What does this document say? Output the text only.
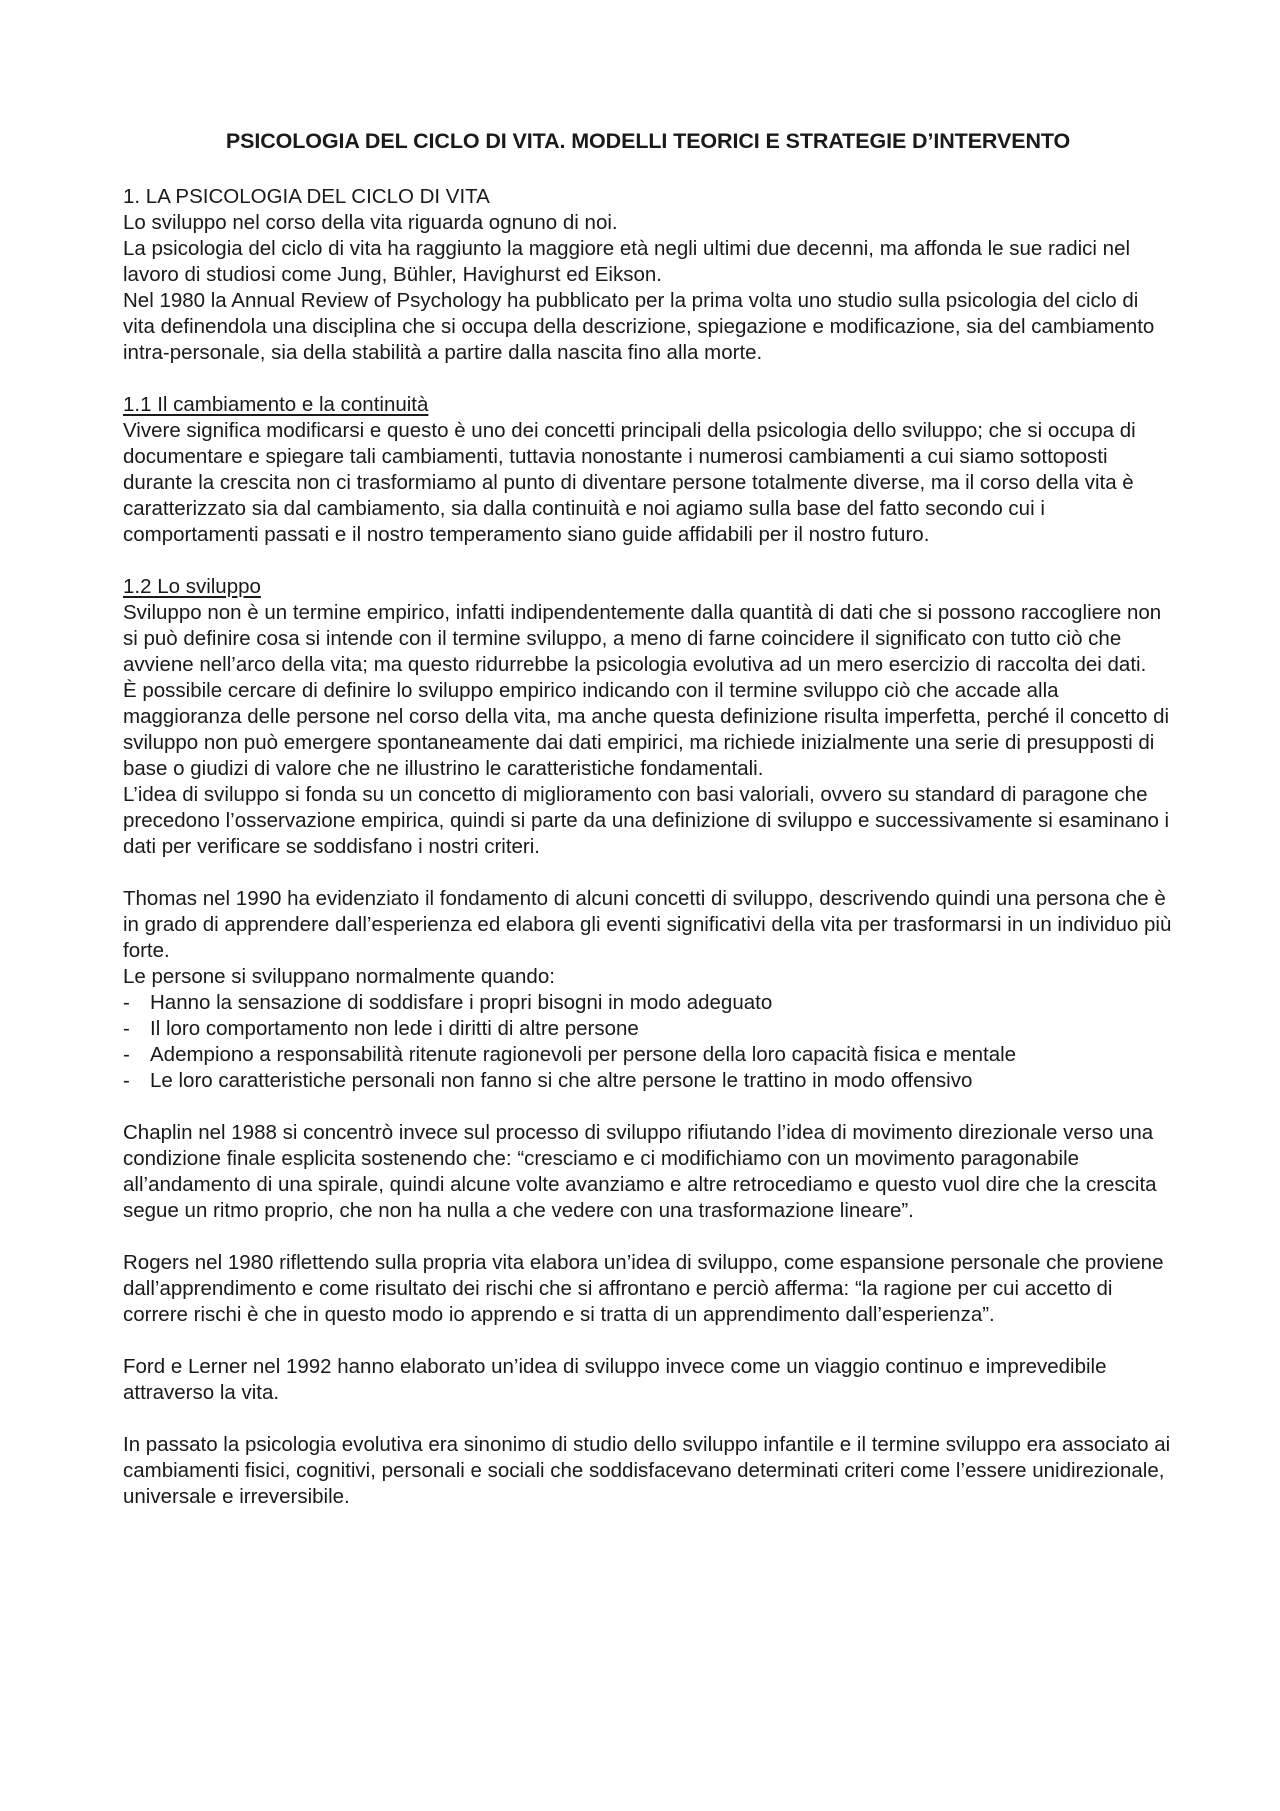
PSICOLOGIA DEL CICLO DI VITA. MODELLI TEORICI E STRATEGIE D’INTERVENTO

1. LA PSICOLOGIA DEL CICLO DI VITA

Lo sviluppo nel corso della vita riguarda ognuno di noi.

La psicologia del ciclo di vita ha raggiunto la maggiore età negli ultimi due decenni, ma affonda le sue radici nel lavoro di studiosi come Jung, Bühler, Havighurst ed Eikson.

Nel 1980 la Annual Review of Psychology ha pubblicato per la prima volta uno studio sulla psicologia del ciclo di vita definendola una disciplina che si occupa della descrizione, spiegazione e modificazione, sia del cambiamento intra-personale, sia della stabilità a partire dalla nascita fino alla morte.

1.1 Il cambiamento e la continuità

Vivere significa modificarsi e questo è uno dei concetti principali della psicologia dello sviluppo; che si occupa di documentare e spiegare tali cambiamenti, tuttavia nonostante i numerosi cambiamenti a cui siamo sottoposti durante la crescita non ci trasformiamo al punto di diventare persone totalmente diverse, ma il corso della vita è caratterizzato sia dal cambiamento, sia dalla continuità e noi agiamo sulla base del fatto secondo cui i comportamenti passati e il nostro temperamento siano guide affidabili per il nostro futuro.

1.2 Lo sviluppo

Sviluppo non è un termine empirico, infatti indipendentemente dalla quantità di dati che si possono raccogliere non si può definire cosa si intende con il termine sviluppo, a meno di farne coincidere il significato con tutto ciò che avviene nell’arco della vita; ma questo ridurrebbe la psicologia evolutiva ad un mero esercizio di raccolta dei dati.

È possibile cercare di definire lo sviluppo empirico indicando con il termine sviluppo ciò che accade alla maggioranza delle persone nel corso della vita, ma anche questa definizione risulta imperfetta, perché il concetto di sviluppo non può emergere spontaneamente dai dati empirici, ma richiede inizialmente una serie di presupposti di base o giudizi di valore che ne illustrino le caratteristiche fondamentali.

L’idea di sviluppo si fonda su un concetto di miglioramento con basi valoriali, ovvero su standard di paragone che precedono l’osservazione empirica, quindi si parte da una definizione di sviluppo e successivamente si esaminano i dati per verificare se soddisfano i nostri criteri.

Thomas nel 1990 ha evidenziato il fondamento di alcuni concetti di sviluppo, descrivendo quindi una persona che è in grado di apprendere dall’esperienza ed elabora gli eventi significativi della vita per trasformarsi in un individuo più forte.

Le persone si sviluppano normalmente quando:

- Hanno la sensazione di soddisfare i propri bisogni in modo adeguato
- Il loro comportamento non lede i diritti di altre persone
- Adempiono a responsabilità ritenute ragionevoli per persone della loro capacità fisica e mentale
- Le loro caratteristiche personali non fanno si che altre persone le trattino in modo offensivo

Chaplin nel 1988 si concentrò invece sul processo di sviluppo rifiutando l’idea di movimento direzionale verso una condizione finale esplicita sostenendo che: “cresciamo e ci modifichiamo con un movimento paragonabile all’andamento di una spirale, quindi alcune volte avanziamo e altre retrocediamo e questo vuol dire che la crescita segue un ritmo proprio, che non ha nulla a che vedere con una trasformazione lineare”.

Rogers nel 1980 riflettendo sulla propria vita elabora un’idea di sviluppo, come espansione personale che proviene dall’apprendimento e come risultato dei rischi che si affrontano e perciò afferma: “la ragione per cui accetto di correre rischi è che in questo modo io apprendo e si tratta di un apprendimento dall’esperienza”.

Ford e Lerner nel 1992 hanno elaborato un’idea di sviluppo invece come un viaggio continuo e imprevedibile attraverso la vita.

In passato la psicologia evolutiva era sinonimo di studio dello sviluppo infantile e il termine sviluppo era associato ai cambiamenti fisici, cognitivi, personali e sociali che soddisfacevano determinati criteri come l’essere unidirezionale, universale e irreversibile.
